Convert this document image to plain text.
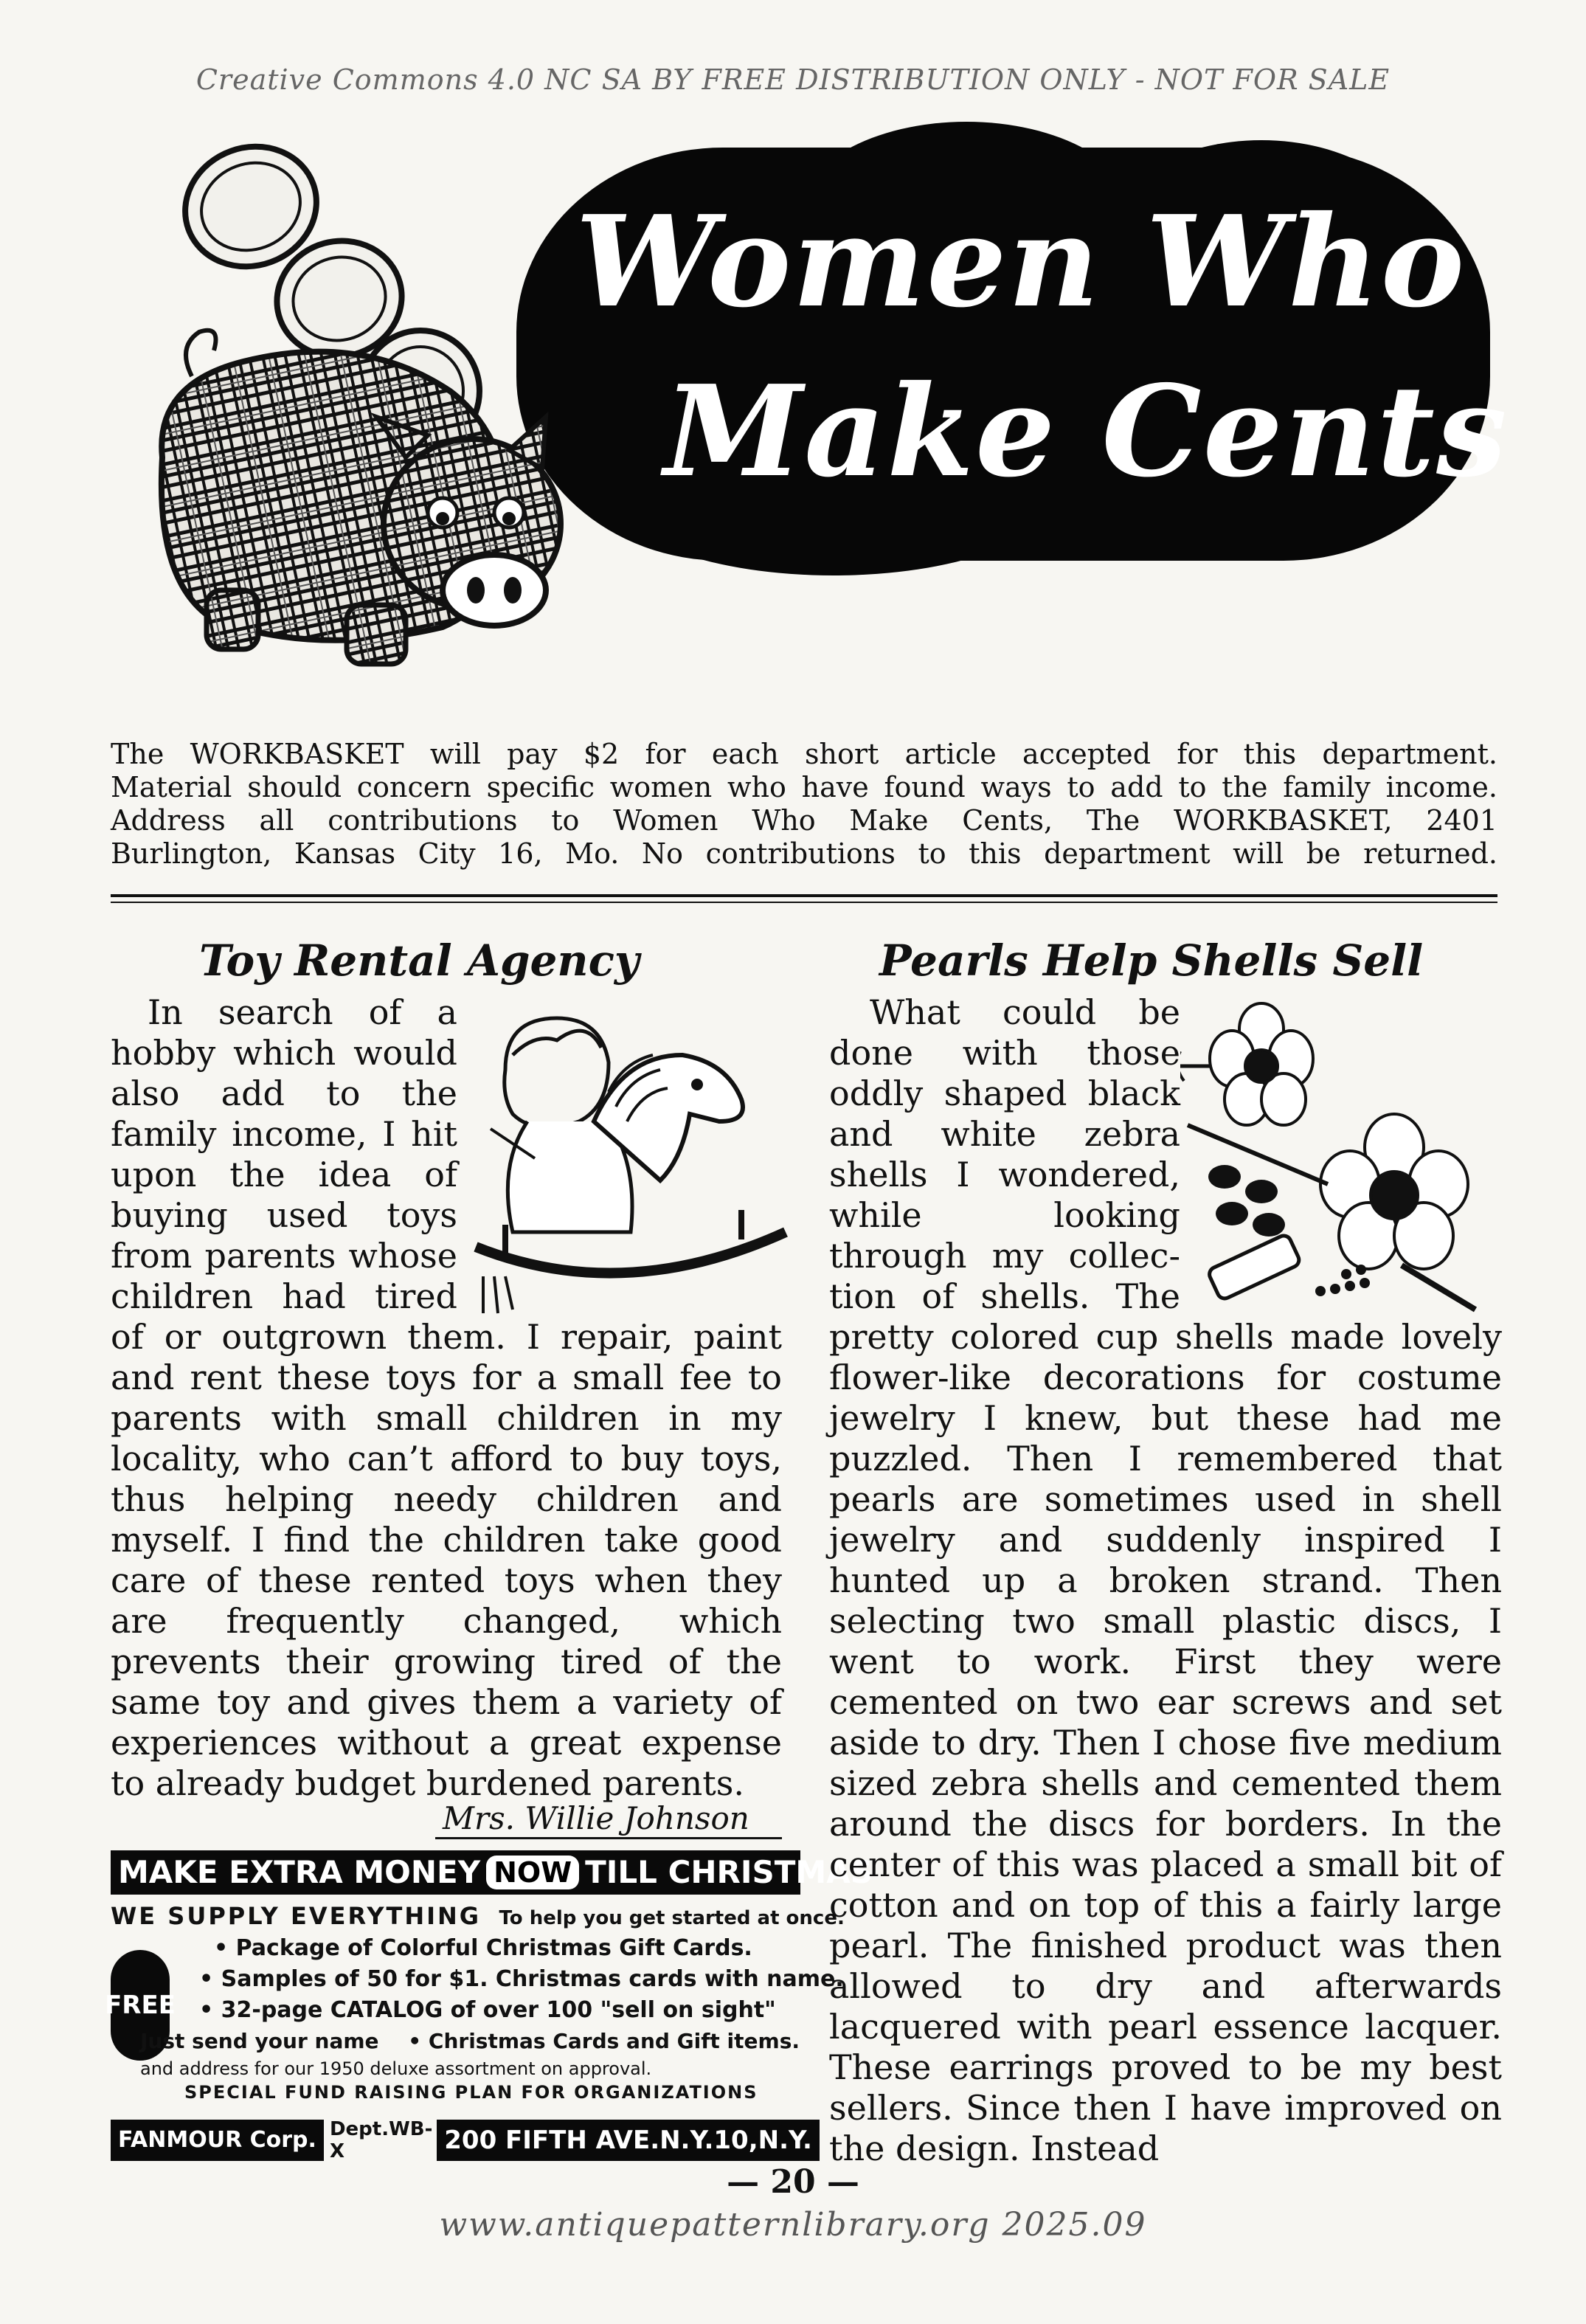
Creative Commons 4.0 NC SA BY FREE DISTRIBUTION ONLY - NOT FOR SALE
Women Who
Make Cents

The WORKBASKET will pay $2 for each short article accepted for this department.

Material should concern specific women who have found ways to add to the family income.

Address all contributions to Women Who Make Cents, The WORKBASKET, 2401

Burlington, Kansas City 16, Mo. No contributions to this department will be returned.

Toy Rental Agency
In search of a
hobby which would
also add to the
family income, I hit
upon the idea of
buying used toys
from parents whose
children had tired

of or outgrown them. I repair, paint and rent these toys for a small fee to parents with small children in my locality, who can’t afford to buy toys, thus helping needy children and myself. I find the children take good care of these rented toys when they are frequently changed, which prevents their growing tired of the same toy and gives them a variety of experiences without a great expense to already budget burdened parents.

Mrs. Willie Johnson
MAKE EXTRA MONEY NOW TILL CHRISTMAS
WE SUPPLY EVERYTHING To help you get started at once.
FREE
• Package of Colorful Christmas Gift Cards.
• Samples of 50 for $1. Christmas cards with name.
• 32-page CATALOG of over 100 "sell on sight"
Just send your name • Christmas Cards and Gift items.
and address for our 1950 deluxe assortment on approval.
SPECIAL FUND RAISING PLAN FOR ORGANIZATIONS
FANMOUR Corp. Dept.WB-X	200 FIFTH AVE.N.Y.10,N.Y.
Pearls Help Shells Sell
What could be
done with those
oddly shaped black
and white zebra
shells I wondered,
while looking
through my collec-
tion of shells. The

pretty colored cup shells made lovely flower-like decorations for costume jewelry I knew, but these had me puzzled. Then I remembered that pearls are sometimes used in shell jewelry and suddenly inspired I hunted up a broken strand. Then selecting two small plastic discs, I went to work. First they were cemented on two ear screws and set aside to dry. Then I chose five medium sized zebra shells and cemented them around the discs for borders. In the center of this was placed a small bit of cotton and on top of this a fairly large pearl. The finished product was then allowed to dry and afterwards lacquered with pearl essence lacquer. These earrings proved to be my best sellers. Since then I have improved on the design. Instead

— 20 —
www.antiquepatternlibrary.org 2025.09
